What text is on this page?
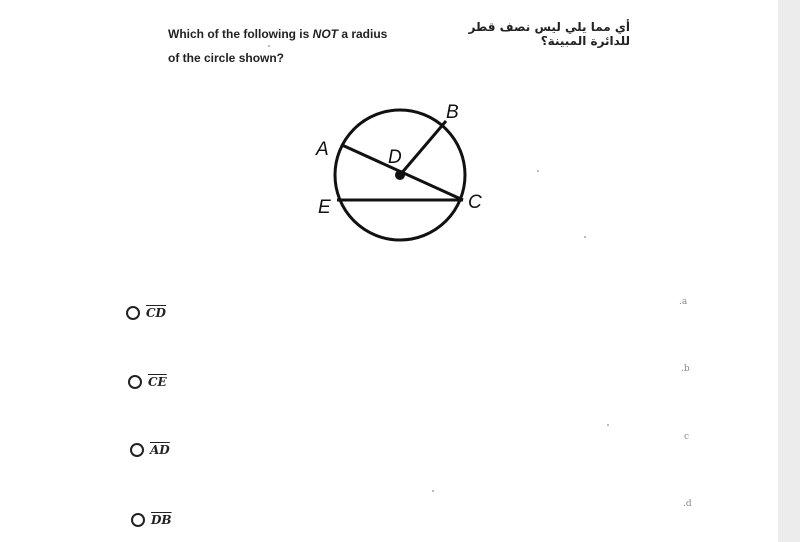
Which of the following is NOT a radius of the circle shown?
أي مما يلي ليس نصف قطر للدائرة المبينة؟
A
B
C
D
E
$\overline{CD}$
$\overline{CE}$
$\overline{AD}$
$\overline{DB}$
.a
.b
c
.d
